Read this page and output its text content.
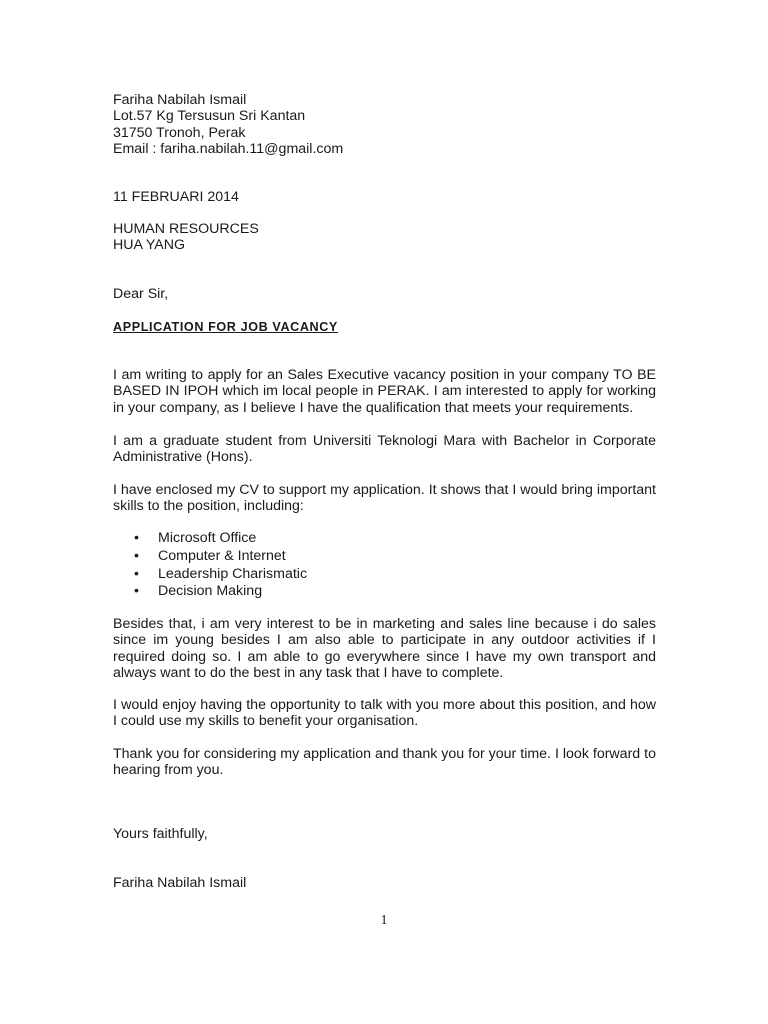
Fariha Nabilah Ismail

Lot.57 Kg Tersusun Sri Kantan

31750 Tronoh, Perak

Email : fariha.nabilah.11@gmail.com

11 FEBRUARI 2014

HUMAN RESOURCES

HUA YANG

Dear Sir,

APPLICATION FOR JOB VACANCY

I am writing to apply for an Sales Executive vacancy position in your company TO BE BASED IN IPOH which im local people in PERAK. I am interested to apply for working in your company, as I believe I have the qualification that meets your requirements.

I am a graduate student from Universiti Teknologi Mara with Bachelor in Corporate Administrative (Hons).

I have enclosed my CV to support my application. It shows that I would bring important skills to the position, including:

• Microsoft Office
• Computer & Internet
• Leadership Charismatic
• Decision Making

Besides that, i am very interest to be in marketing and sales line because i do sales since im young besides I am also able to participate in any outdoor activities if I required doing so. I am able to go everywhere since I have my own transport and always want to do the best in any task that I have to complete.

I would enjoy having the opportunity to talk with you more about this position, and how I could use my skills to benefit your organisation.

Thank you for considering my application and thank you for your time. I look forward to hearing from you.

Yours faithfully,

Fariha Nabilah Ismail

1
